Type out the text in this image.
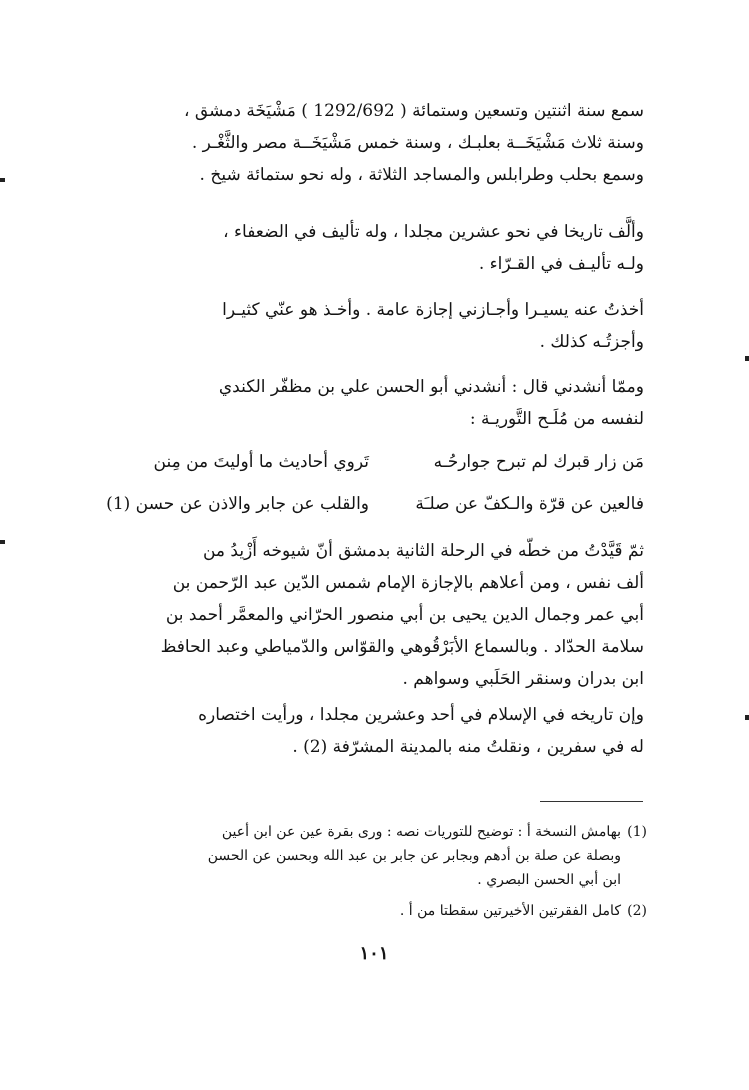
سمع سنة اثنتين وتسعين وستمائة ( 1292/692 ) مَشْيَخَة دمشق ،
وسنة ثلاث مَشْيَخَــة بعلبـك ، وسنة خمس مَشْيَخَــة مصر والثَّغْـر .
وسمع بحلب وطرابلس والمساجد الثلاثة ، وله نحو ستمائة شيخ .
وألَّف تاريخا في نحو عشرين مجلدا ، وله تأليف في الضعفاء ،
ولـه تأليـف في القـرّاء .
أخذتُ عنه يسيـرا وأجـازني إجازة عامة . وأخـذ هو عنّي كثيـرا
وأجزتُـه كذلك .
وممّا أنشدني قال : أنشدني أبو الحسن علي بن مظفّر الكندي
لنفسه من مُلَـح التَّوريـة :
مَن زار قبرك لم تبرح جوارحُـه
تَروي أحاديث ما أوليتَ من مِنن
فالعين عن قرّة والـكفّ عن صلـَة
والقلب عن جابر والاذن عن حسن (1)
ثمّ قَيَّدْتُ من خطّه في الرحلة الثانية بدمشق أنّ شيوخه أَزْيدُ من
ألف نفس ، ومن أعلاهم بالإجازة الإمام شمس الدّين عبد الرّحمن بن
أبي عمر وجمال الدين يحيى بن أبي منصور الحرّاني والمعمَّر أحمد بن
سلامة الحدّاد . وبالسماع الأبَرْقُوهي والقوّاس والدّمياطي وعبد الحافظ
ابن بدران وسنقر الحَلَبي وسواهم .
وإن تاريخه في الإسلام في أحد وعشرين مجلدا ، ورأيت اختصاره
له في سفرين ، ونقلتُ منه بالمدينة المشرّفة (2) .
(1)بهامش النسخة أ : توضيح للتوريات نصه : ورى بقرة عين عن ابن أعين
وبصلة عن صلة بن أدهم وبجابر عن جابر بن عبد الله وبحسن عن الحسن
ابن أبي الحسن البصري .
(2)كامل الفقرتين الأخيرتين سقطتا من أ .
١٠١
